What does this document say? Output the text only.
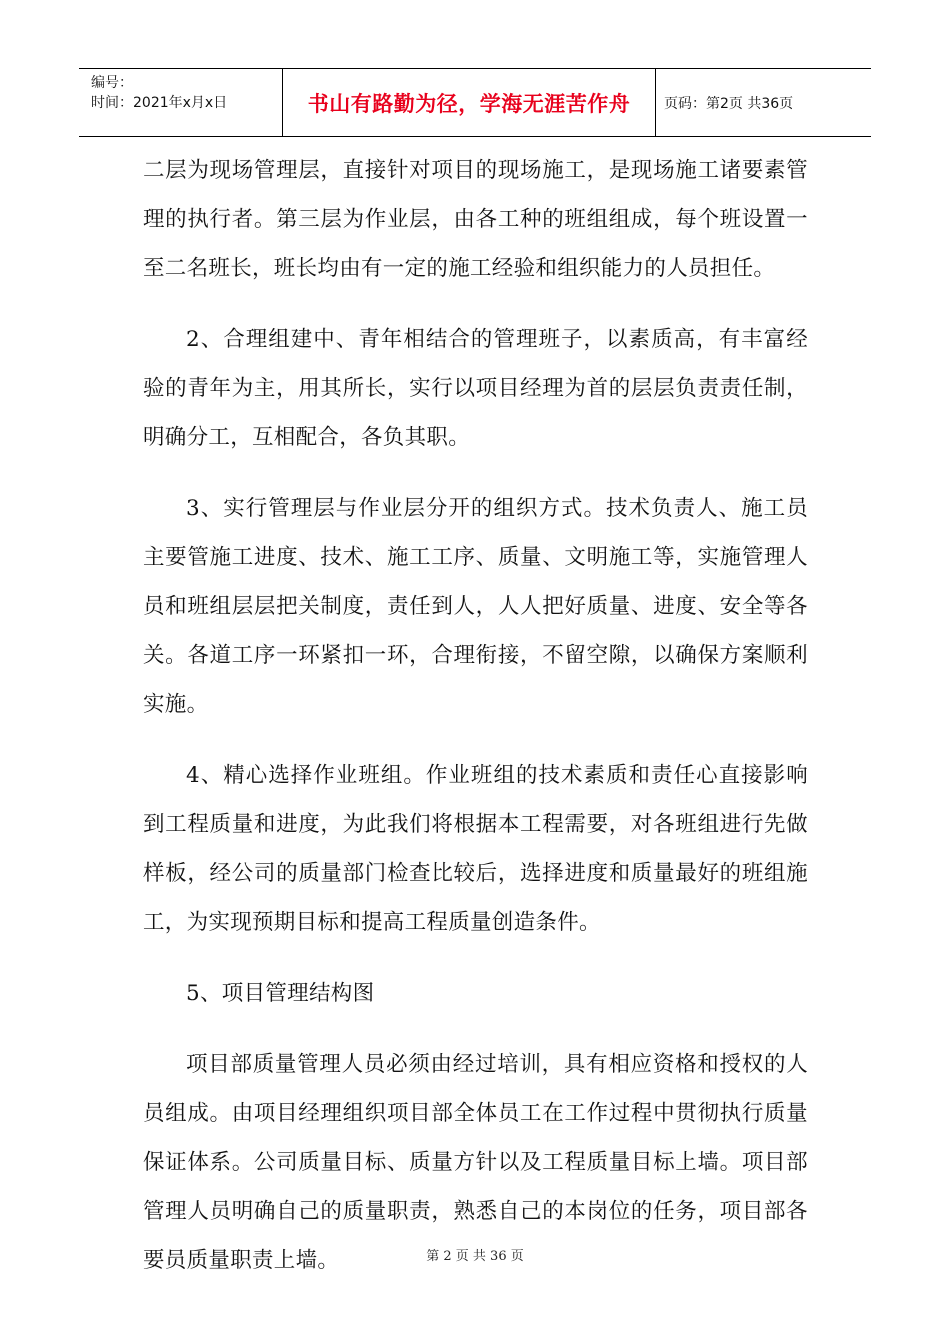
编号：
时间：2021年x月x日	书山有路勤为径，学海无涯苦作舟	页码：第2页 共36页

二层为现场管理层，直接针对项目的现场施工，是现场施工诸要素管理的执行者。第三层为作业层，由各工种的班组组成，每个班设置一至二名班长，班长均由有一定的施工经验和组织能力的人员担任。

2、合理组建中、青年相结合的管理班子，以素质高，有丰富经验的青年为主，用其所长，实行以项目经理为首的层层负责责任制，明确分工，互相配合，各负其职。

3、实行管理层与作业层分开的组织方式。技术负责人、施工员主要管施工进度、技术、施工工序、质量、文明施工等，实施管理人员和班组层层把关制度，责任到人，人人把好质量、进度、安全等各关。各道工序一环紧扣一环，合理衔接，不留空隙，以确保方案顺利实施。

4、精心选择作业班组。作业班组的技术素质和责任心直接影响到工程质量和进度，为此我们将根据本工程需要，对各班组进行先做样板，经公司的质量部门检查比较后，选择进度和质量最好的班组施工，为实现预期目标和提高工程质量创造条件。

5、项目管理结构图

项目部质量管理人员必须由经过培训，具有相应资格和授权的人员组成。由项目经理组织项目部全体员工在工作过程中贯彻执行质量保证体系。公司质量目标、质量方针以及工程质量目标上墙。项目部管理人员明确自己的质量职责，熟悉自己的本岗位的任务，项目部各要员质量职责上墙。	第 2 页 共 36 页
